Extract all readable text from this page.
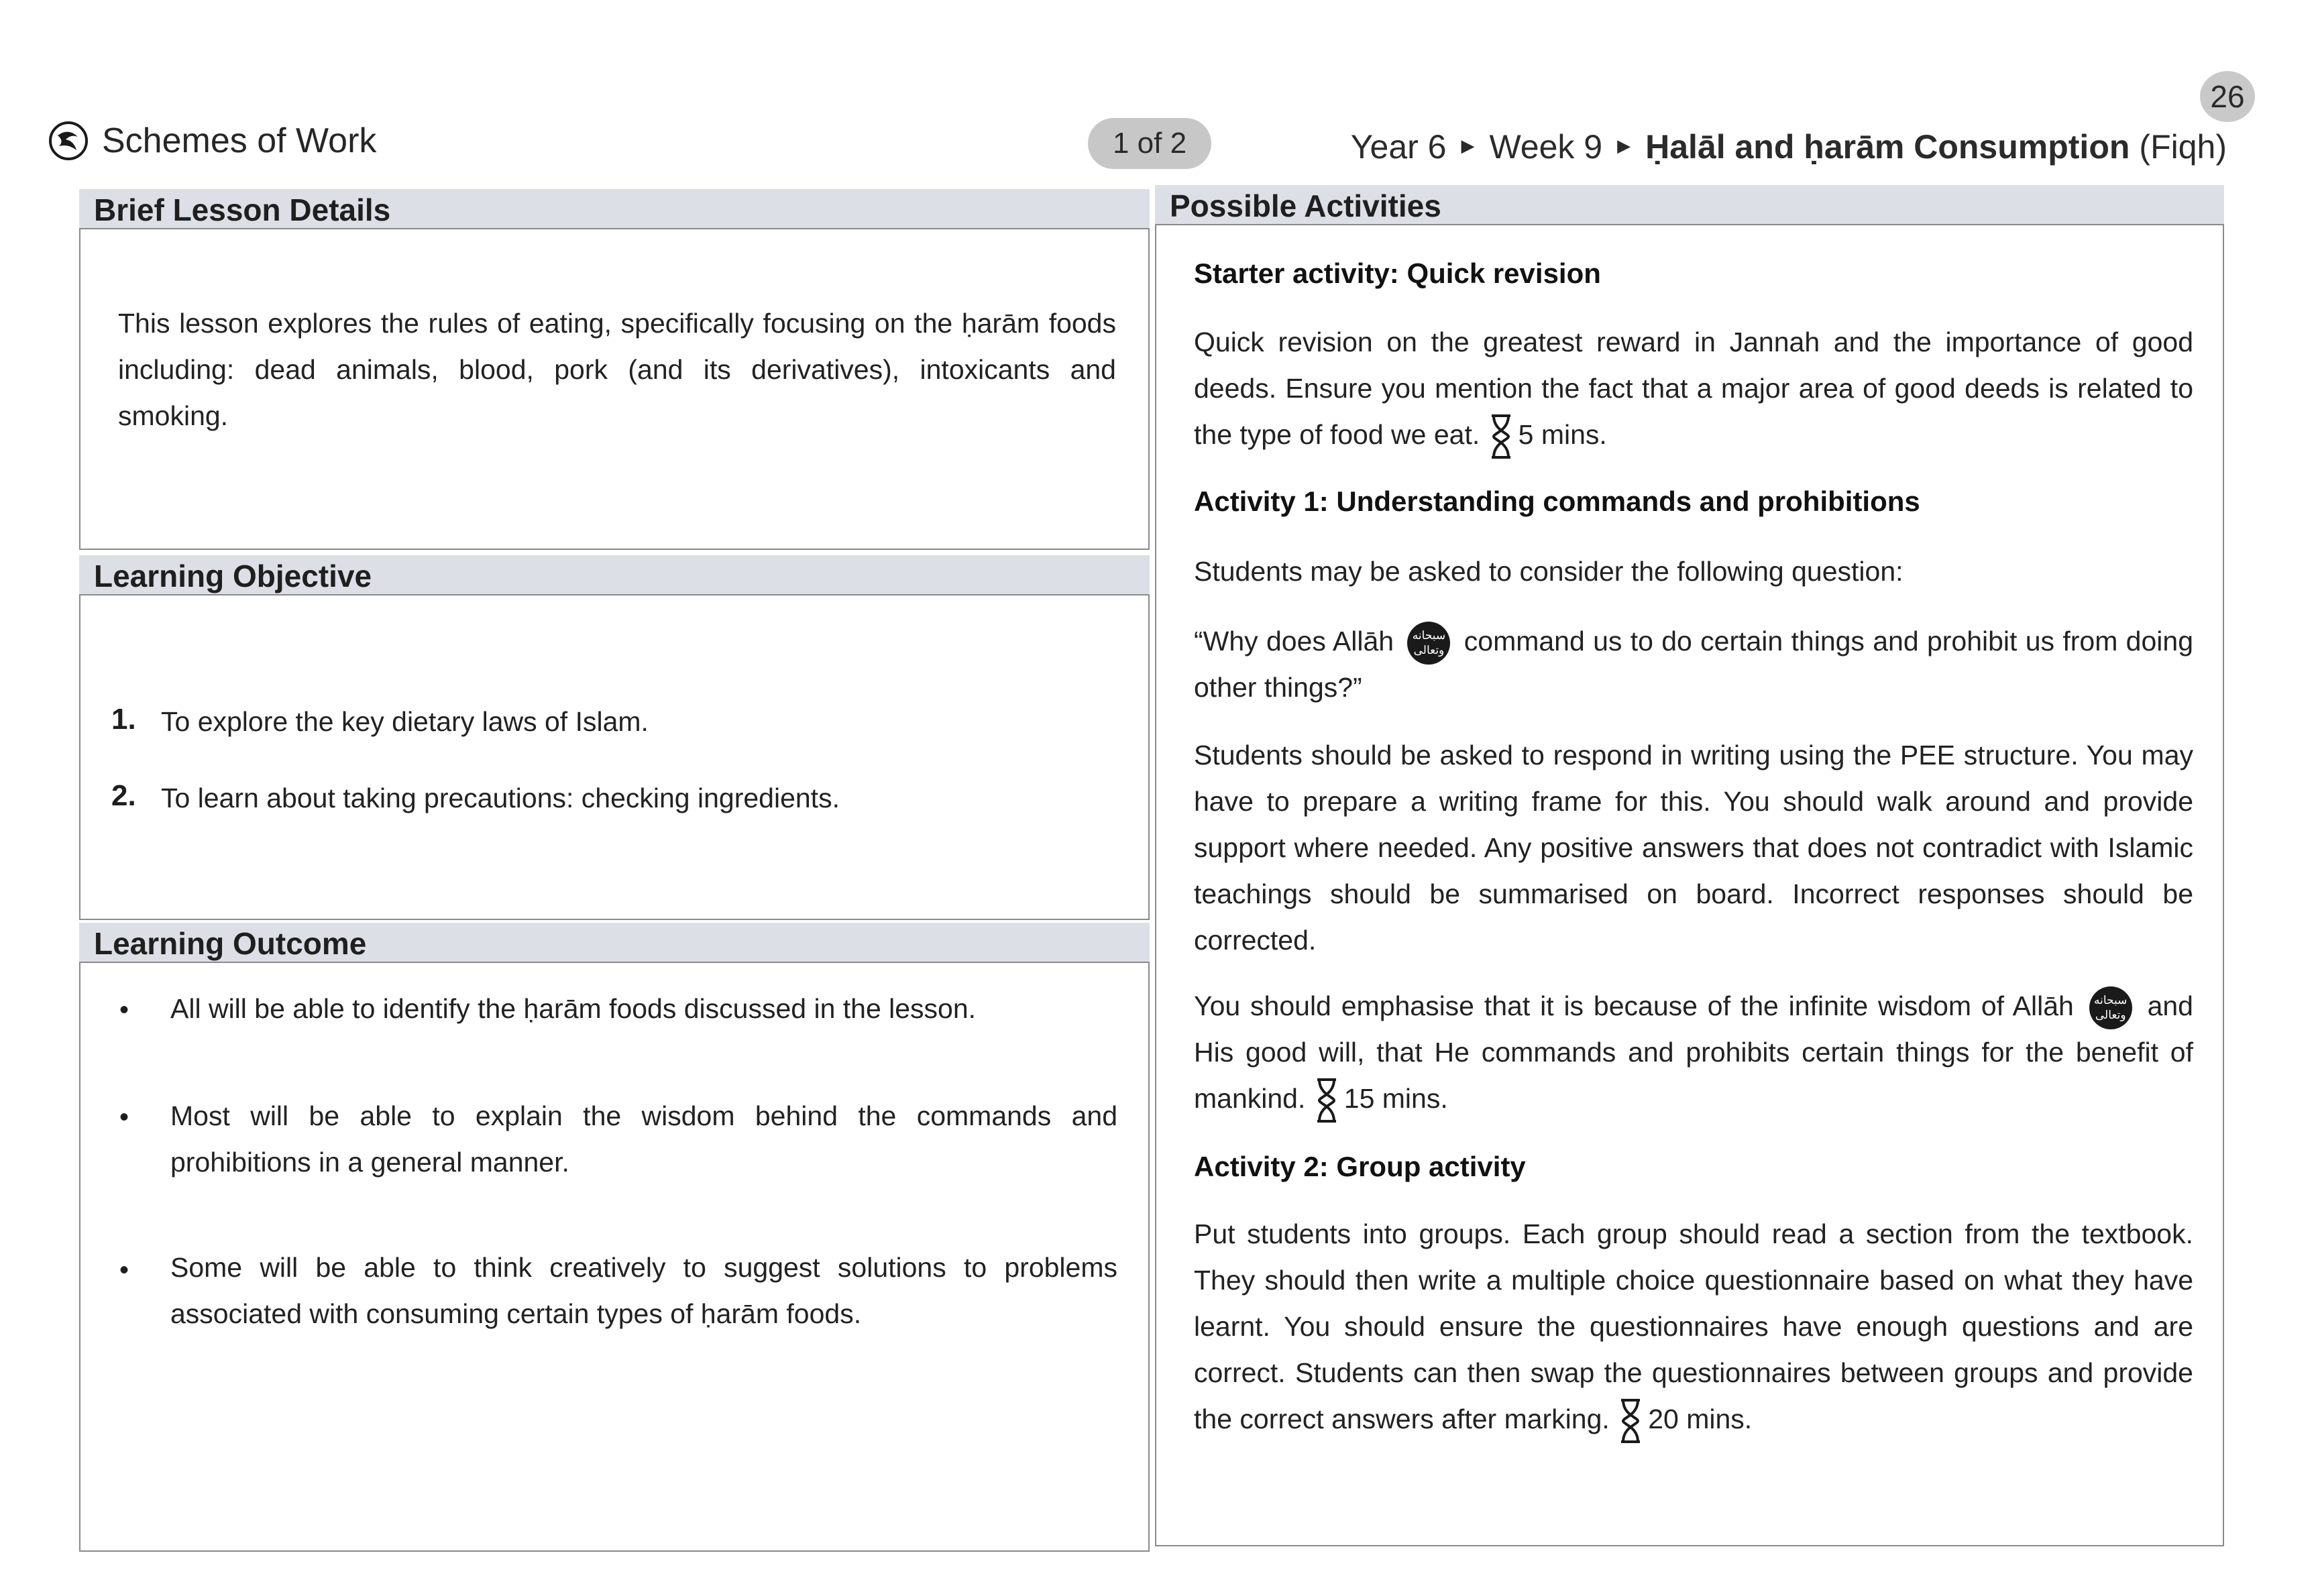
Schemes of Work	1 of 2
26
Year 6 ▶ Week 9 ▶ Ḥalāl and ḥarām Consumption (Fiqh)
Brief Lesson Details
This lesson explores the rules of eating, specifically focusing on the ḥarām foods including: dead animals, blood, pork (and its derivatives), intoxicants and smoking.
Learning Objective
1. To explore the key dietary laws of Islam.
2. To learn about taking precautions: checking ingredients.
Learning Outcome
• All will be able to identify the ḥarām foods discussed in the lesson.
• Most will be able to explain the wisdom behind the commands and prohibitions in a general manner.
• Some will be able to think creatively to suggest solutions to problems associated with consuming certain types of ḥarām foods.
Possible Activities
Starter activity: Quick revision
Quick revision on the greatest reward in Jannah and the importance of good deeds. Ensure you mention the fact that a major area of good deeds is related to the type of food we eat. 5 mins.
Activity 1: Understanding commands and prohibitions
Students may be asked to consider the following question:
“Why does Allāh سبحانه وتعالى command us to do certain things and prohibit us from doing other things?”
Students should be asked to respond in writing using the PEE structure. You may have to prepare a writing frame for this. You should walk around and provide support where needed. Any positive answers that does not contradict with Islamic teachings should be summarised on board. Incorrect responses should be corrected.
You should emphasise that it is because of the infinite wisdom of Allāh سبحانه وتعالى and His good will, that He commands and prohibits certain things for the benefit of mankind. 15 mins.
Activity 2: Group activity
Put students into groups. Each group should read a section from the textbook. They should then write a multiple choice questionnaire based on what they have learnt. You should ensure the questionnaires have enough questions and are correct. Students can then swap the questionnaires between groups and provide the correct answers after marking. 20 mins.
